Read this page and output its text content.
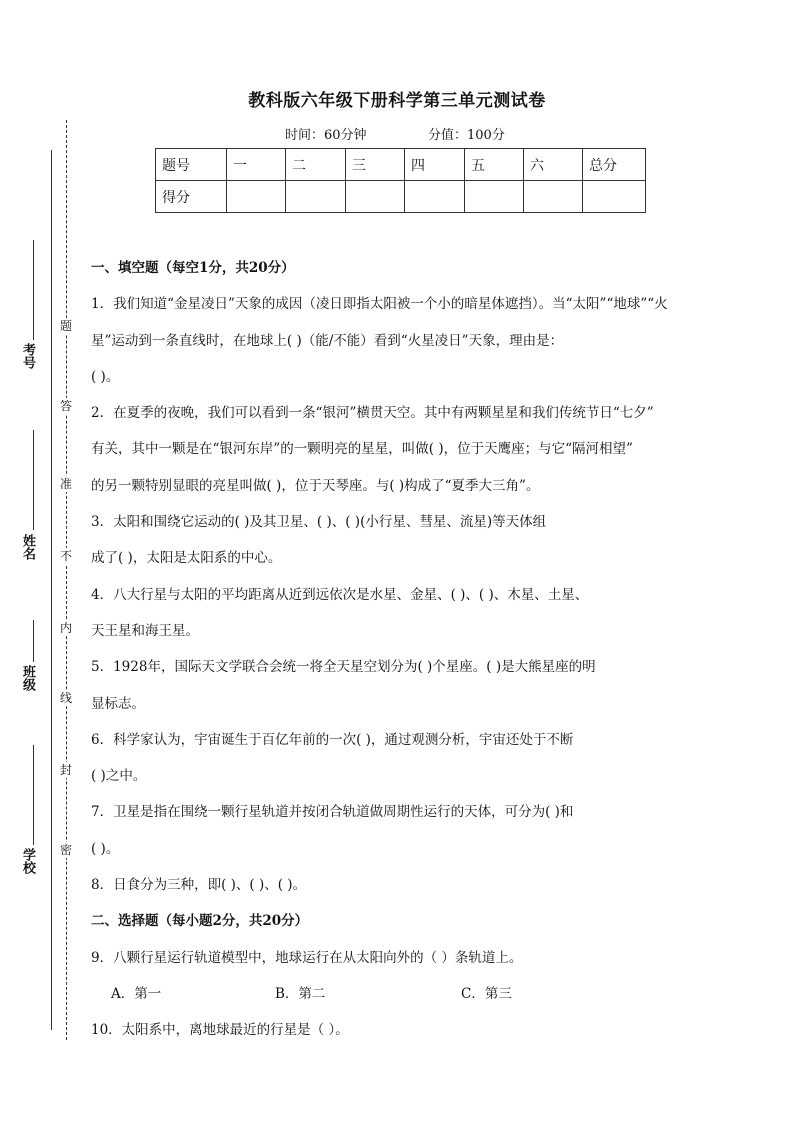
题
答
准
不
内
线
封
密
考号
姓名
班级
学校
教科版六年级下册科学第三单元测试卷
时间：60分钟	分值：100分
题号	一	二	三	四	五	六	总分
得分							
一、填空题（每空1分，共20分）
1．我们知道“金星凌日”天象的成因（凌日即指太阳被一个小的暗星体遮挡）。当“太阳”“地球”“火
星”运动到一条直线时，在地球上( )（能/不能）看到“火星凌日”天象，理由是：
( )。
2．在夏季的夜晚，我们可以看到一条“银河”横贯天空。其中有两颗星星和我们传统节日“七夕”
有关，其中一颗是在“银河东岸”的一颗明亮的星星，叫做( )，位于天鹰座；与它“隔河相望”
的另一颗特别显眼的亮星叫做( )，位于天琴座。与( )构成了“夏季大三角”。
3．太阳和围绕它运动的( )及其卫星、( )、( )(小行星、彗星、流星)等天体组
成了( )，太阳是太阳系的中心。
4．八大行星与太阳的平均距离从近到远依次是水星、金星、( )、( )、木星、土星、
天王星和海王星。
5．1928年，国际天文学联合会统一将全天星空划分为( )个星座。( )是大熊星座的明
显标志。
6．科学家认为，宇宙诞生于百亿年前的一次( )，通过观测分析，宇宙还处于不断
( )之中。
7．卫星是指在围绕一颗行星轨道并按闭合轨道做周期性运行的天体，可分为( )和
( )。
8．日食分为三种，即( )、( )、( )。
二、选择题（每小题2分，共20分）
9．八颗行星运行轨道模型中，地球运行在从太阳向外的（ ）条轨道上。
A．第一	B．第二	C．第三
10．太阳系中，离地球最近的行星是（ ）。
